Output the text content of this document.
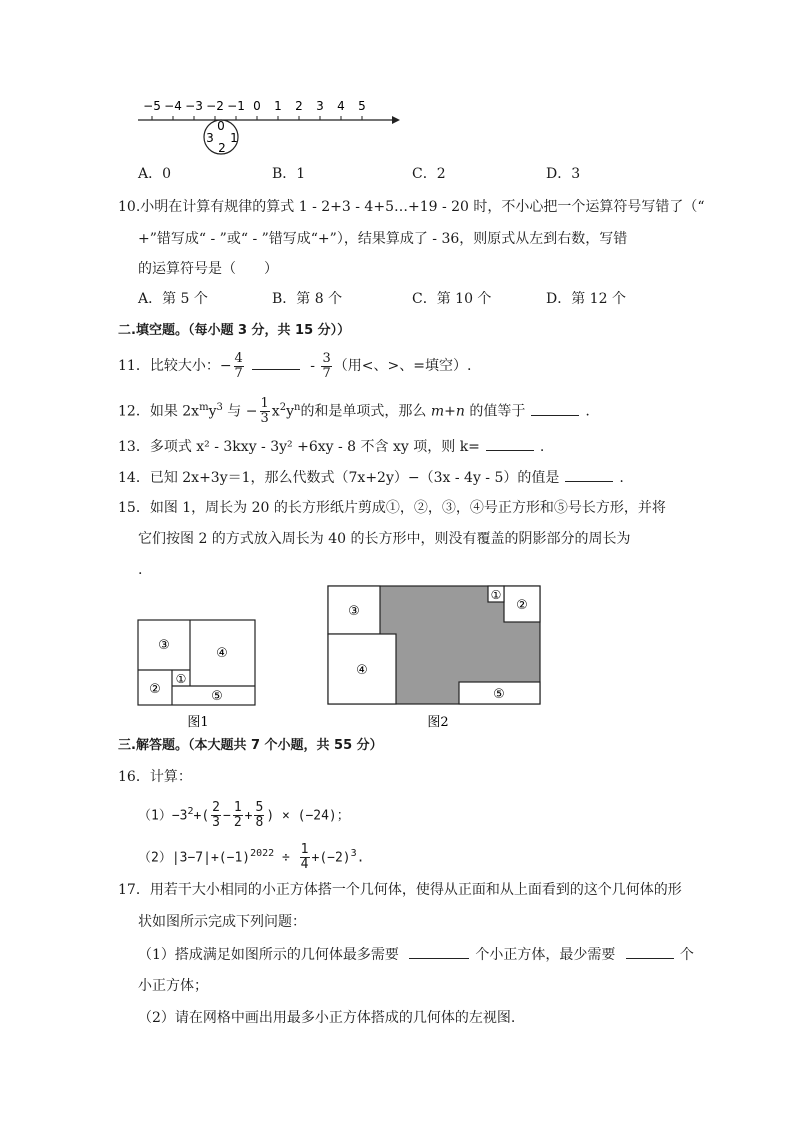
−5 −4 −3 −2 −1 0 1 2 3 4 5
0
3 1
2
A．0	B．1	C．2	D．3
10.小明在计算有规律的算式 1 - 2+3 - 4+5…+19 - 20 时，不小心把一个运算符号写错了（“
+”错写成“ - ”或“ - ”错写成“+”），结果算成了 - 36，则原式从左到右数，写错
的运算符号是（　　）
A．第 5 个	B．第 8 个	C．第 10 个	D．第 12 个
二.填空题。（每小题 3 分，共 15 分））
11．比较大小：− $\frac{4}{7}$	- $\frac{3}{7}$ （用<、>、=填空）.
12．如果 $2x^my^3$ 与 − $\frac{1}{3} x^2y^n$的和是单项式，那么 m+n 的值等于	.
13．多项式 x² - 3kxy - 3y² +6xy - 8 不含 xy 项，则 k=	.
14．已知 2x+3y＝1，那么代数式（7x+2y）−（3x - 4y - 5）的值是	.
15．如图 1，周长为 20 的长方形纸片剪成①，②，③，④号正方形和⑤号长方形，并将
它们按图 2 的方式放入周长为 40 的长方形中，则没有覆盖的阴影部分的周长为
.
③
④
②
①
⑤
图1
③
①
②
④
⑤
图2
三.解答题。（本大题共 7 个小题，共 55 分）
16．计算：
$(1)-3^2+( \frac{2}{3} - \frac{1}{2} + \frac{5}{8}$ ) × (−24)；
$(2)|3-7|+(-1)^{2022} \div \frac{1}{4} +(-2)^3$.
17．用若干大小相同的小正方体搭一个几何体，使得从正面和从上面看到的这个几何体的形
状如图所示完成下列问题：
（1）搭成满足如图所示的几何体最多需要	个小正方体，最少需要	个
小正方体；
（2）请在网格中画出用最多小正方体搭成的几何体的左视图.
